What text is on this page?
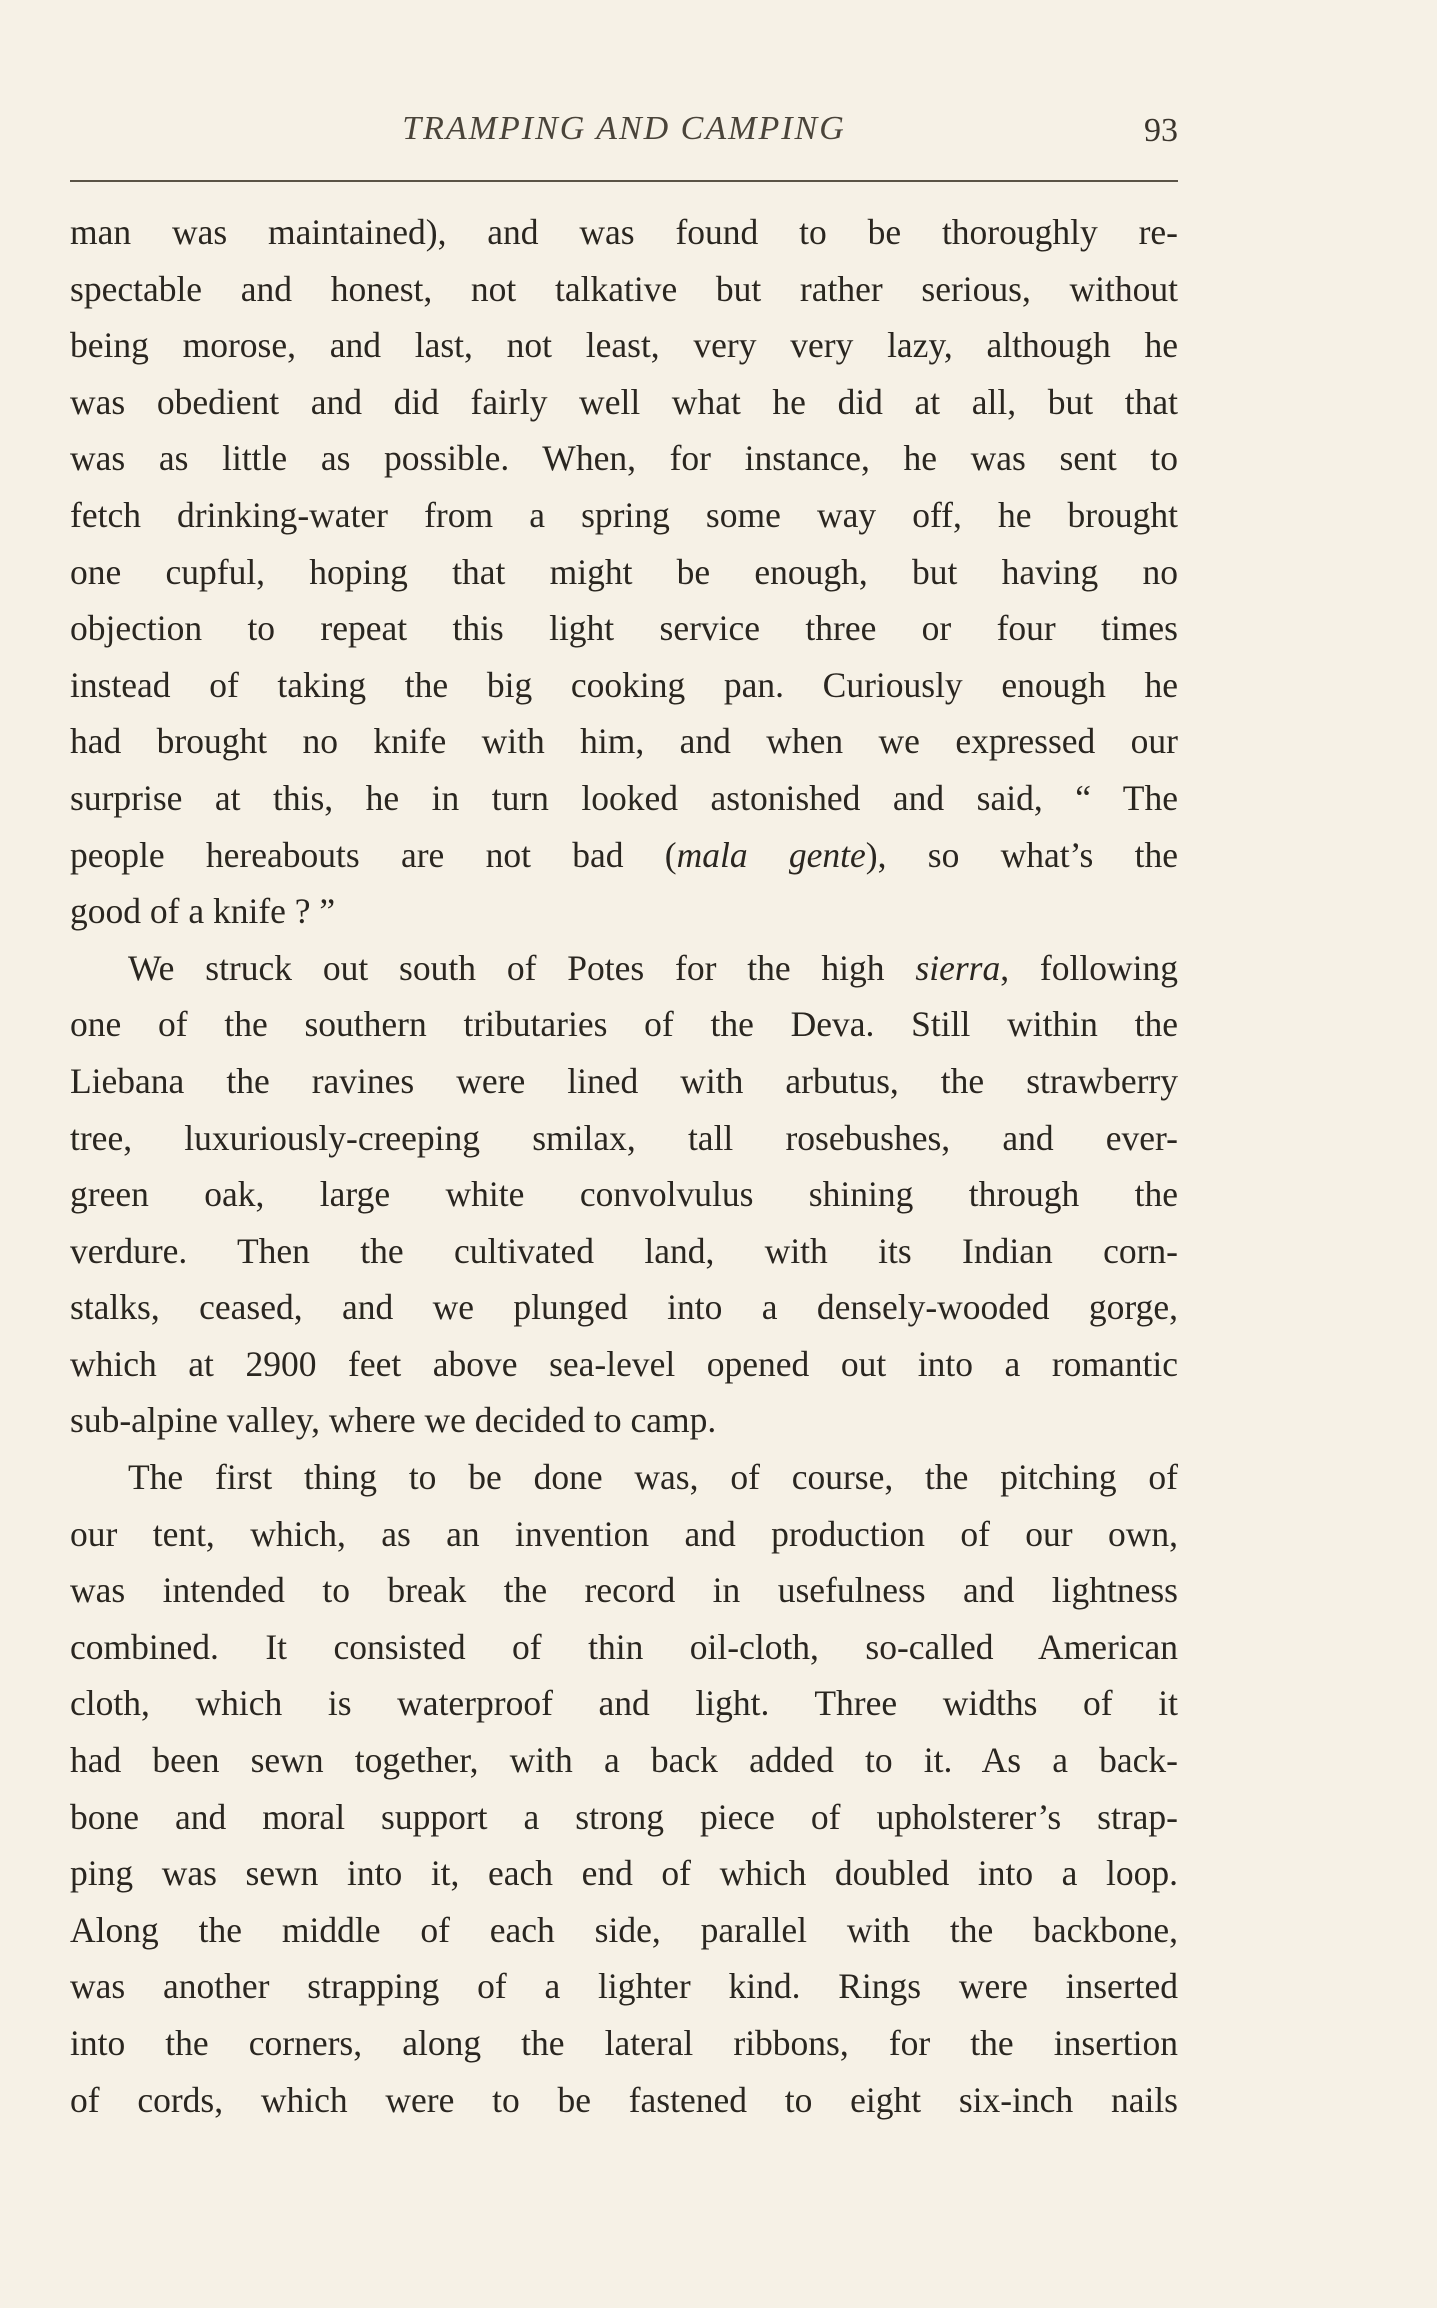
TRAMPING AND CAMPING	93
man was maintained), and was found to be thoroughly re-
spectable and honest, not talkative but rather serious, without
being morose, and last, not least, very very lazy, although he
was obedient and did fairly well what he did at all, but that
was as little as possible. When, for instance, he was sent to
fetch drinking-water from a spring some way off, he brought
one cupful, hoping that might be enough, but having no
objection to repeat this light service three or four times
instead of taking the big cooking pan. Curiously enough he
had brought no knife with him, and when we expressed our
surprise at this, he in turn looked astonished and said, “ The
people hereabouts are not bad (mala gente), so what’s the
good of a knife ? ”
We struck out south of Potes for the high sierra, following
one of the southern tributaries of the Deva. Still within the
Liebana the ravines were lined with arbutus, the strawberry
tree, luxuriously-creeping smilax, tall rosebushes, and ever-
green oak, large white convolvulus shining through the
verdure. Then the cultivated land, with its Indian corn-
stalks, ceased, and we plunged into a densely-wooded gorge,
which at 2900 feet above sea-level opened out into a romantic
sub-alpine valley, where we decided to camp.
The first thing to be done was, of course, the pitching of
our tent, which, as an invention and production of our own,
was intended to break the record in usefulness and lightness
combined. It consisted of thin oil-cloth, so-called American
cloth, which is waterproof and light. Three widths of it
had been sewn together, with a back added to it. As a back-
bone and moral support a strong piece of upholsterer’s strap-
ping was sewn into it, each end of which doubled into a loop.
Along the middle of each side, parallel with the backbone,
was another strapping of a lighter kind. Rings were inserted
into the corners, along the lateral ribbons, for the insertion
of cords, which were to be fastened to eight six-inch nails
